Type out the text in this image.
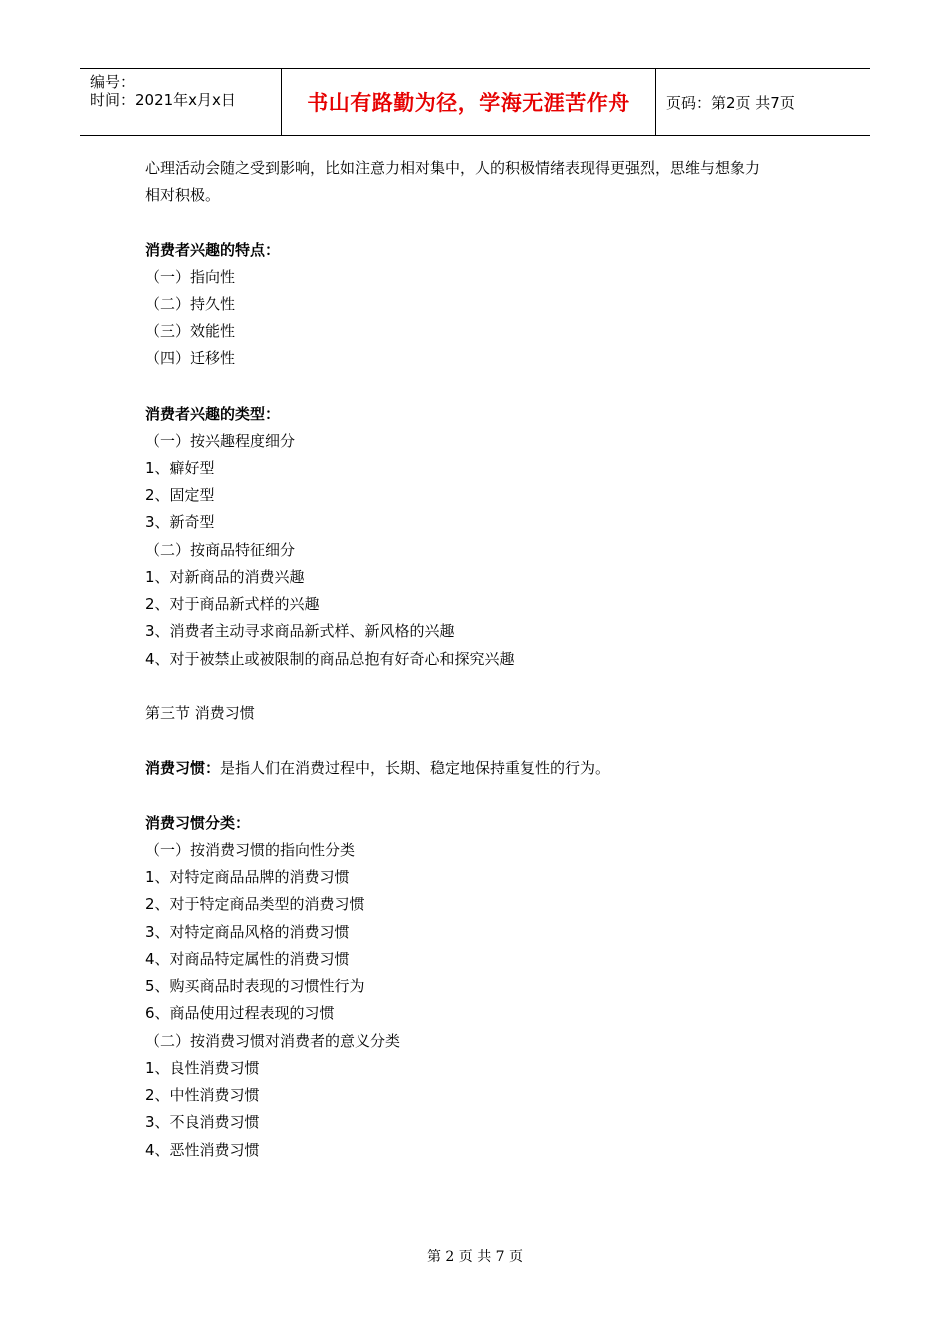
编号：
时间：2021年x月x日	书山有路勤为径，学海无涯苦作舟 页码：第2页 共7页
心理活动会随之受到影响，比如注意力相对集中，人的积极情绪表现得更强烈，思维与想象力
相对积极。
消费者兴趣的特点：
（一）指向性
（二）持久性
（三）效能性
（四）迁移性
消费者兴趣的类型：
（一）按兴趣程度细分
1、癖好型
2、固定型
3、新奇型
（二）按商品特征细分
1、对新商品的消费兴趣
2、对于商品新式样的兴趣
3、消费者主动寻求商品新式样、新风格的兴趣
4、对于被禁止或被限制的商品总抱有好奇心和探究兴趣
第三节 消费习惯
消费习惯：是指人们在消费过程中，长期、稳定地保持重复性的行为。
消费习惯分类：
（一）按消费习惯的指向性分类
1、对特定商品品牌的消费习惯
2、对于特定商品类型的消费习惯
3、对特定商品风格的消费习惯
4、对商品特定属性的消费习惯
5、购买商品时表现的习惯性行为
6、商品使用过程表现的习惯
（二）按消费习惯对消费者的意义分类
1、良性消费习惯
2、中性消费习惯
3、不良消费习惯
4、恶性消费习惯
第 2 页 共 7 页
